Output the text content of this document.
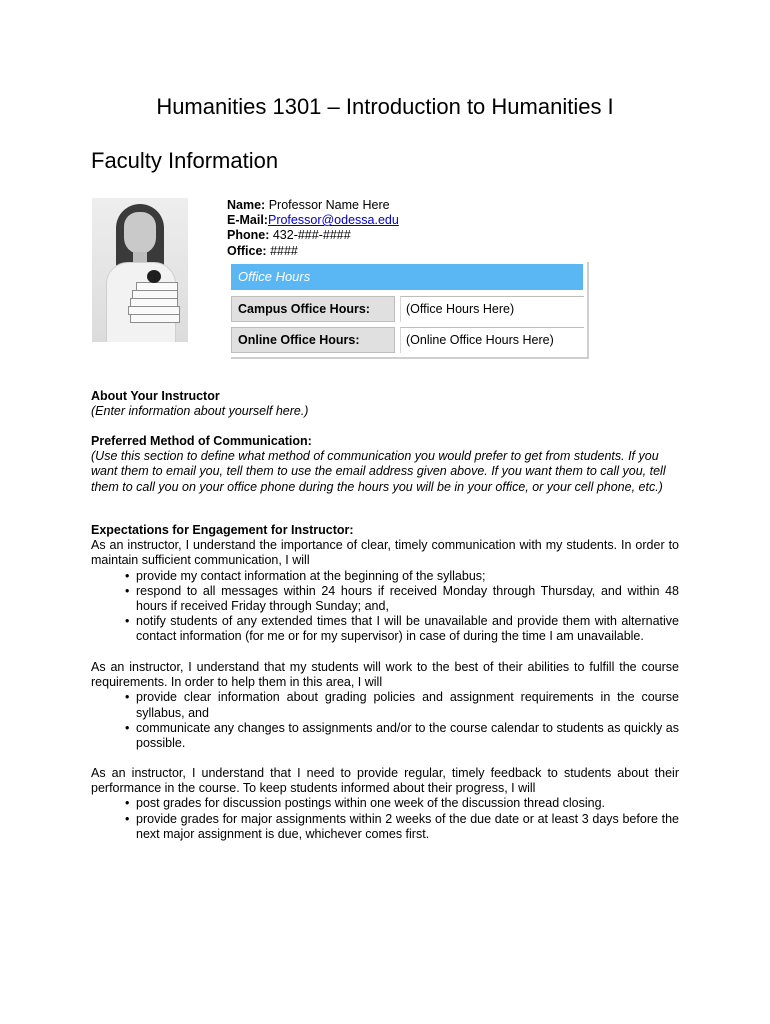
Humanities 1301 – Introduction to Humanities I
Faculty Information
Name: Professor Name Here
E-Mail:Professor@odessa.edu
Phone: 432-###-####
Office: ####
Office Hours
Campus Office Hours:	(Office Hours Here)
Online Office Hours:	(Online Office Hours Here)

About Your Instructor

(Enter information about yourself here.)

Preferred Method of Communication:

(Use this section to define what method of communication you would prefer to get from students. If you want them to email you, tell them to use the email address given above. If you want them to call you, tell them to call you on your office phone during the hours you will be in your office, or your cell phone, etc.)

Expectations for Engagement for Instructor:

As an instructor, I understand the importance of clear, timely communication with my students. In order to maintain sufficient communication, I will

• provide my contact information at the beginning of the syllabus;
• respond to all messages within 24 hours if received Monday through Thursday, and within 48 hours if received Friday through Sunday; and,
• notify students of any extended times that I will be unavailable and provide them with alternative contact information (for me or for my supervisor) in case of during the time I am unavailable.

As an instructor, I understand that my students will work to the best of their abilities to fulfill the course requirements. In order to help them in this area, I will

• provide clear information about grading policies and assignment requirements in the course syllabus, and
• communicate any changes to assignments and/or to the course calendar to students as quickly as possible.

As an instructor, I understand that I need to provide regular, timely feedback to students about their performance in the course. To keep students informed about their progress, I will

• post grades for discussion postings within one week of the discussion thread closing.
• provide grades for major assignments within 2 weeks of the due date or at least 3 days before the next major assignment is due, whichever comes first.
